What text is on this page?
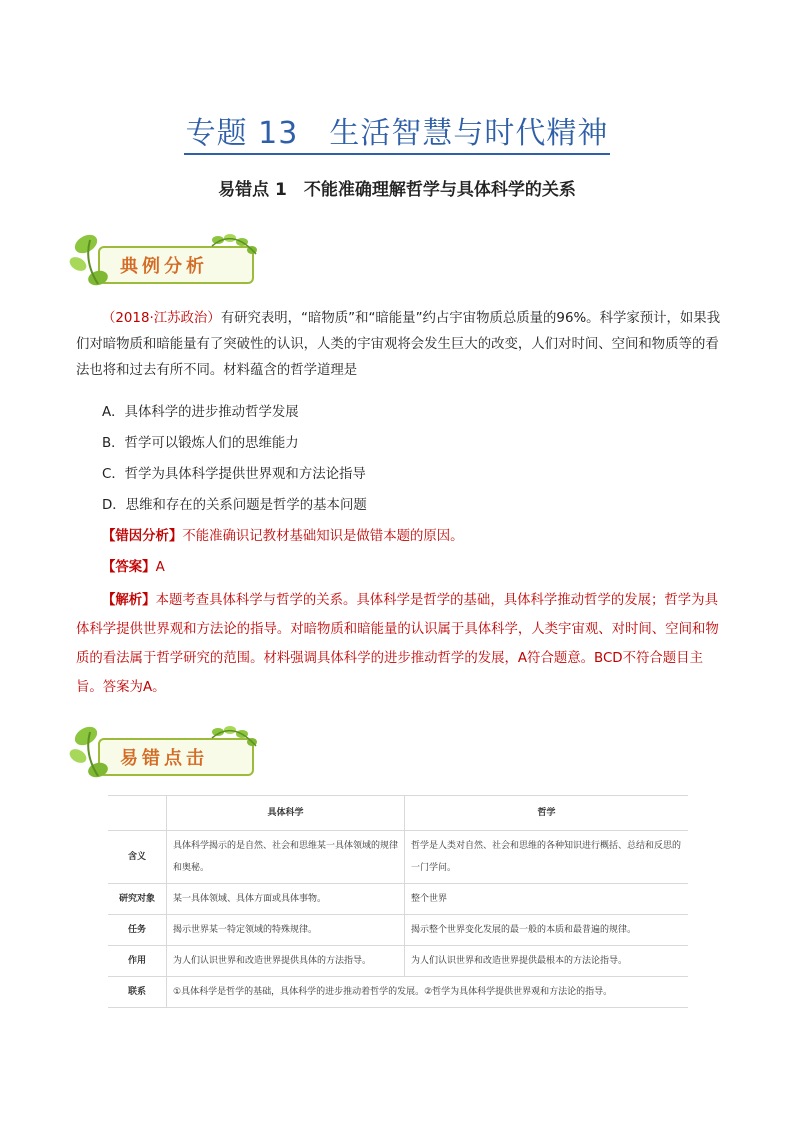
专题 13　生活智慧与时代精神
易错点 1　不能准确理解哲学与具体科学的关系
典例分析
（2018·江苏政治）有研究表明，“暗物质”和“暗能量”约占宇宙物质总质量的96%。科学家预计，如果我们对暗物质和暗能量有了突破性的认识，人类的宇宙观将会发生巨大的改变，人们对时间、空间和物质等的看法也将和过去有所不同。材料蕴含的哲学道理是
A．具体科学的进步推动哲学发展
B．哲学可以锻炼人们的思维能力
C．哲学为具体科学提供世界观和方法论指导
D．思维和存在的关系问题是哲学的基本问题
【错因分析】不能准确识记教材基础知识是做错本题的原因。
【答案】A
【解析】本题考查具体科学与哲学的关系。具体科学是哲学的基础，具体科学推动哲学的发展；哲学为具体科学提供世界观和方法论的指导。对暗物质和暗能量的认识属于具体科学，人类宇宙观、对时间、空间和物质的看法属于哲学研究的范围。材料强调具体科学的进步推动哲学的发展，A符合题意。BCD不符合题目主旨。答案为A。
易错点击
	具体科学	哲学
含义	具体科学揭示的是自然、社会和思维某一具体领域的规律和奥秘。	哲学是人类对自然、社会和思维的各种知识进行概括、总结和反思的一门学问。
研究对象	某一具体领域、具体方面或具体事物。	整个世界
任务	揭示世界某一特定领域的特殊规律。	揭示整个世界变化发展的最一般的本质和最普遍的规律。
作用	为人们认识世界和改造世界提供具体的方法指导。	为人们认识世界和改造世界提供最根本的方法论指导。
联系	①具体科学是哲学的基础，具体科学的进步推动着哲学的发展。②哲学为具体科学提供世界观和方法论的指导。	
